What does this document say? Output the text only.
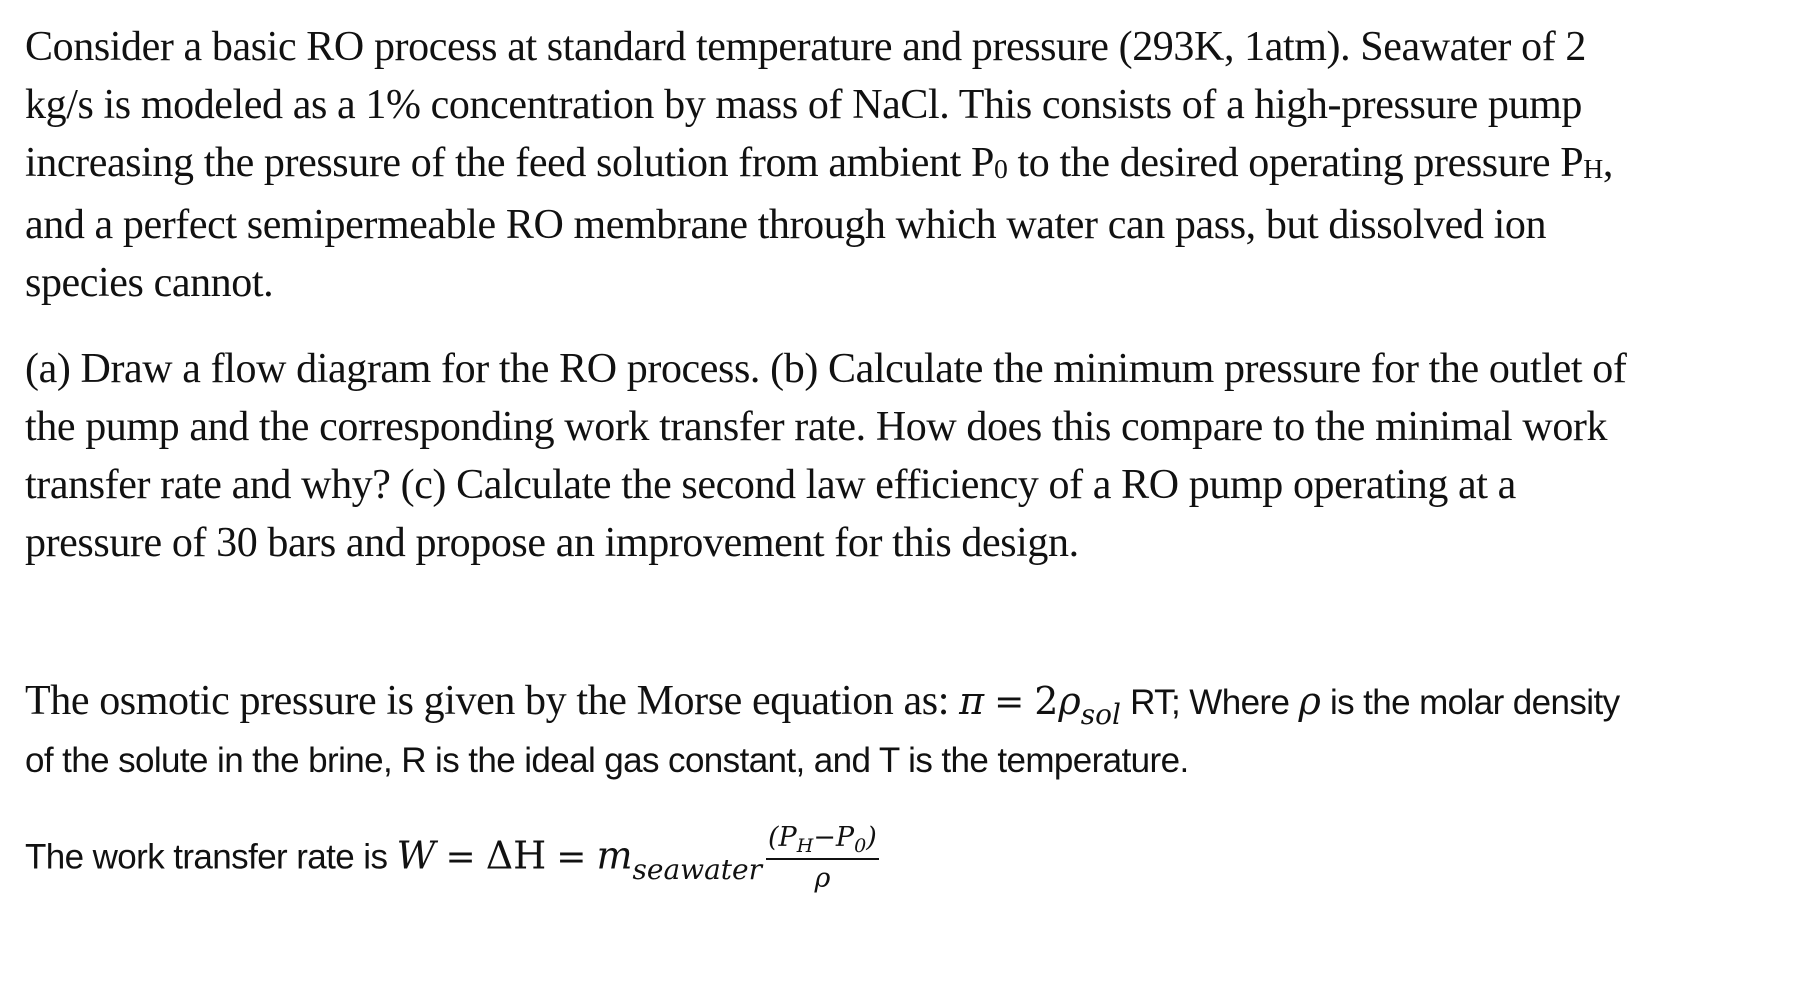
Consider a basic RO process at standard temperature and pressure (293K, 1atm). Seawater of 2
kg/s is modeled as a 1% concentration by mass of NaCl. This consists of a high-pressure pump
increasing the pressure of the feed solution from ambient P0 to the desired operating pressure PH,
and a perfect semipermeable RO membrane through which water can pass, but dissolved ion
species cannot.

(a) Draw a flow diagram for the RO process. (b) Calculate the minimum pressure for the outlet of
the pump and the corresponding work transfer rate. How does this compare to the minimal work
transfer rate and why? (c) Calculate the second law efficiency of a RO pump operating at a
pressure of 30 bars and propose an improvement for this design.

The osmotic pressure is given by the Morse equation as: π = 2ρsol RT; Where ρ is the molar density
of the solute in the brine, R is the ideal gas constant, and T is the temperature.

The work transfer rate is W = ΔH = mseawater $\frac{(P_H-P_0)}{\rho}$
